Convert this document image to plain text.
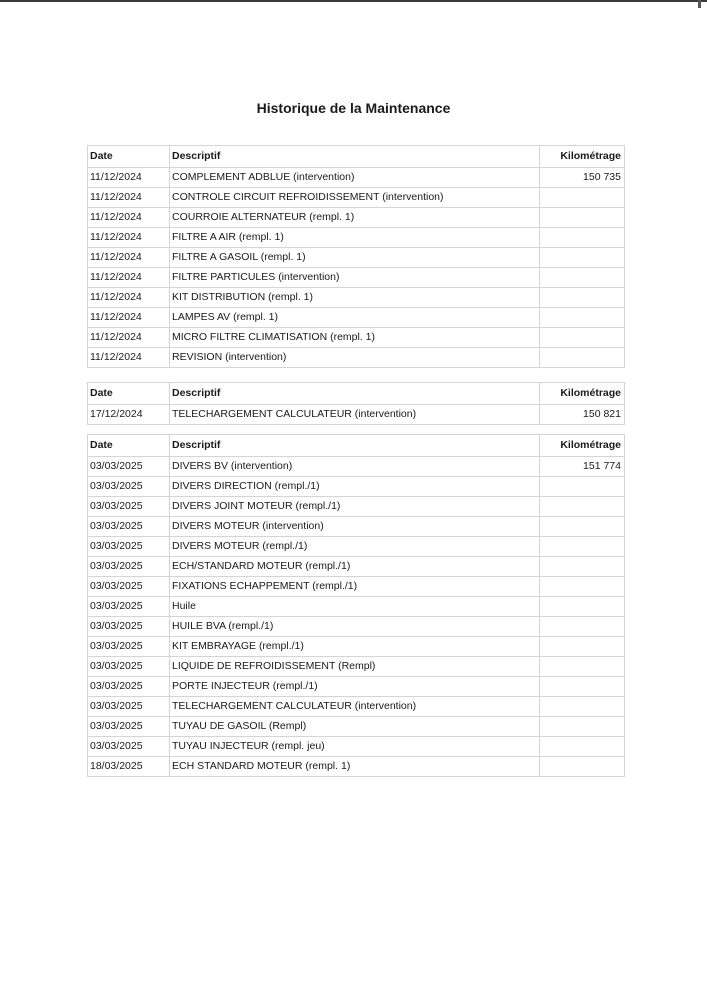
Historique de la Maintenance
Date	Descriptif	Kilométrage
11/12/2024	COMPLEMENT ADBLUE (intervention)	150 735
11/12/2024	CONTROLE CIRCUIT REFROIDISSEMENT (intervention)	
11/12/2024	COURROIE ALTERNATEUR (rempl. 1)	
11/12/2024	FILTRE A AIR (rempl. 1)	
11/12/2024	FILTRE A GASOIL (rempl. 1)	
11/12/2024	FILTRE PARTICULES (intervention)	
11/12/2024	KIT DISTRIBUTION (rempl. 1)	
11/12/2024	LAMPES AV (rempl. 1)	
11/12/2024	MICRO FILTRE CLIMATISATION (rempl. 1)	
11/12/2024	REVISION (intervention)	
Date	Descriptif	Kilométrage
17/12/2024	TELECHARGEMENT CALCULATEUR (intervention)	150 821
Date	Descriptif	Kilométrage
03/03/2025	DIVERS BV (intervention)	151 774
03/03/2025	DIVERS DIRECTION (rempl./1)	
03/03/2025	DIVERS JOINT MOTEUR (rempl./1)	
03/03/2025	DIVERS MOTEUR (intervention)	
03/03/2025	DIVERS MOTEUR (rempl./1)	
03/03/2025	ECH/STANDARD MOTEUR (rempl./1)	
03/03/2025	FIXATIONS ECHAPPEMENT (rempl./1)	
03/03/2025	Huile	
03/03/2025	HUILE BVA (rempl./1)	
03/03/2025	KIT EMBRAYAGE (rempl./1)	
03/03/2025	LIQUIDE DE REFROIDISSEMENT (Rempl)	
03/03/2025	PORTE INJECTEUR (rempl./1)	
03/03/2025	TELECHARGEMENT CALCULATEUR (intervention)	
03/03/2025	TUYAU DE GASOIL (Rempl)	
03/03/2025	TUYAU INJECTEUR (rempl. jeu)	
18/03/2025	ECH STANDARD MOTEUR (rempl. 1)	
